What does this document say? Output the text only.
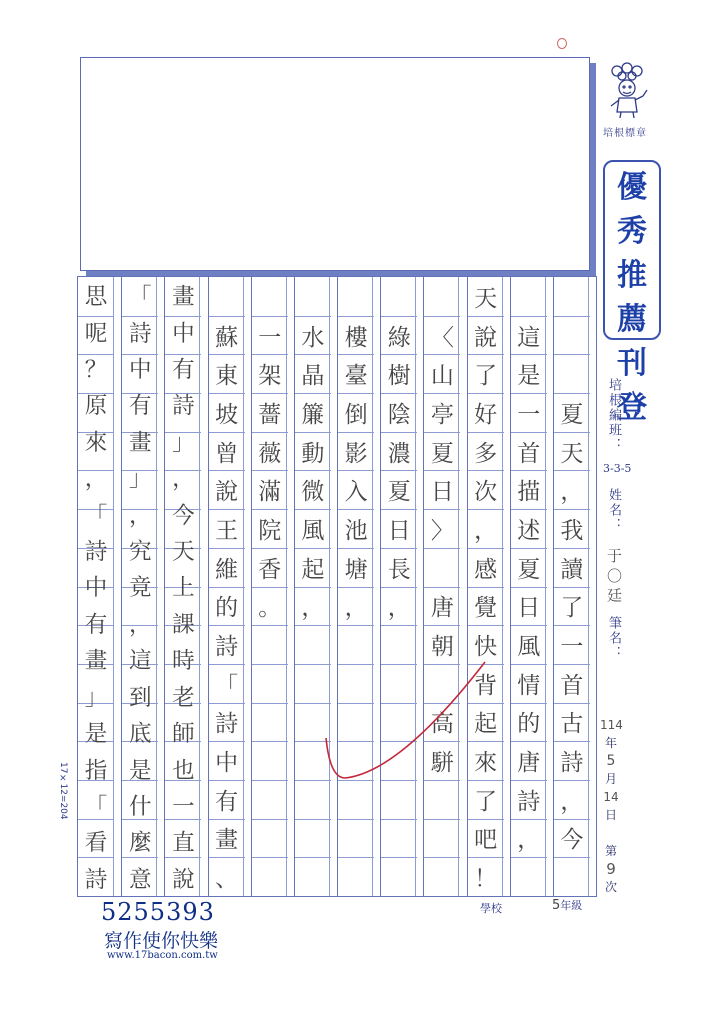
培根標章
優
秀
推
薦
刊
登
培根編班：
3-3-5
姓名：
于 〇 廷
筆名：
114
年
5
月
14
日
第
9
次
夏
天
，
我
讀
了
一
首
古
詩
，
今
這
是
一
首
描
述
夏
日
風
情
的
唐
詩
，
天
說
了
好
多
次
，
感
覺
快
背
起
來
了
吧
！
〈
山
亭
夏
日
〉
唐
朝
高
駢
綠
樹
陰
濃
夏
日
長
，
樓
臺
倒
影
入
池
塘
，
水
晶
簾
動
微
風
起
，
一
架
薔
薇
滿
院
香
。
蘇
東
坡
曾
說
王
維
的
詩
「
詩
中
有
畫
、
畫
中
有
詩
」
，
今
天
上
課
時
老
師
也
一
直
說
「
詩
中
有
畫
」
，
究
竟
，
這
到
底
是
什
麼
意
思
呢
？
原
來
，
「
詩
中
有
畫
」
是
指
「
看
詩
17×12=204
學校	5年級
5255393
寫作使你快樂
www.17bacon.com.tw
